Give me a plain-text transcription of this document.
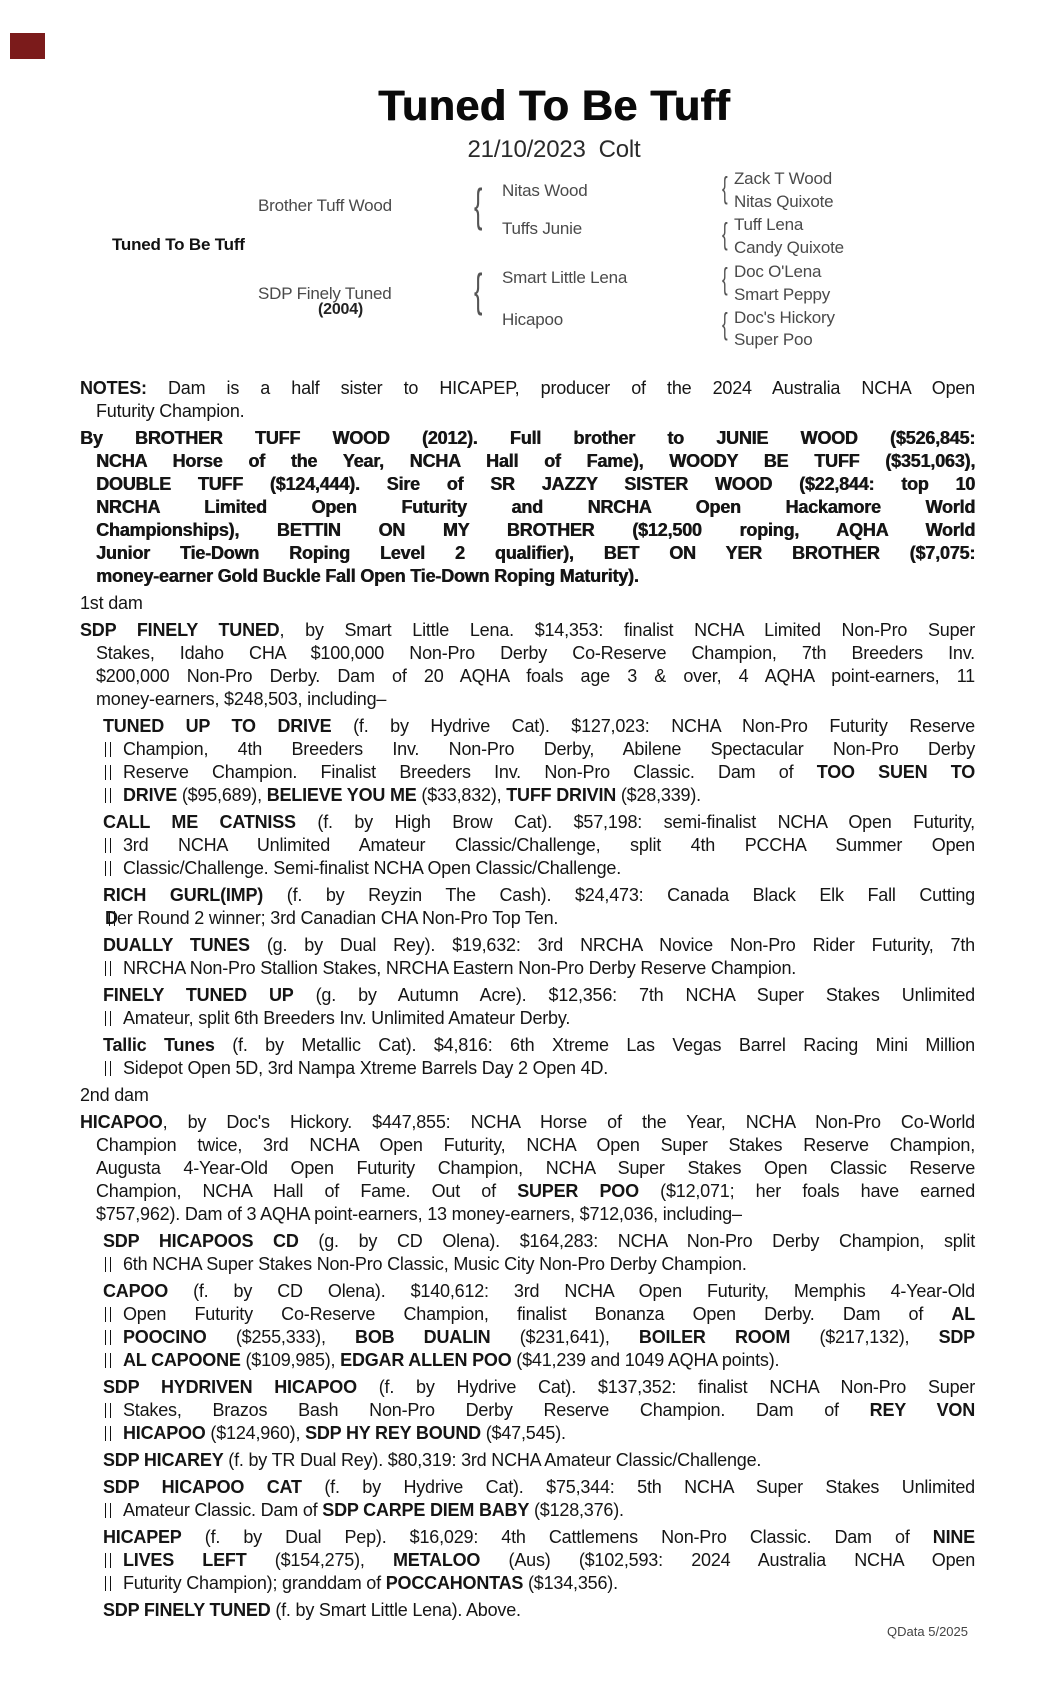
Tuned To Be Tuff
21/10/2023  Colt
Tuned To Be Tuff
Brother Tuff Wood
SDP Finely Tuned
(2004)
{
{
Nitas Wood
Tuffs Junie
Smart Little Lena
Hicapoo
{
{
{
{
Zack T Wood
Nitas Quixote
Tuff Lena
Candy Quixote
Doc O'Lena
Smart Peppy
Doc's Hickory
Super Poo
NOTES: Dam is a half sister to HICAPEP, producer of the 2024 Australia NCHA Open
Futurity Champion.
By BROTHER TUFF WOOD (2012). Full brother to JUNIE WOOD ($526,845:
NCHA Horse of the Year, NCHA Hall of Fame), WOODY BE TUFF ($351,063),
DOUBLE TUFF ($124,444). Sire of SR JAZZY SISTER WOOD ($22,844: top 10
NRCHA Limited Open Futurity and NRCHA Open Hackamore World
Championships), BETTIN ON MY BROTHER ($12,500 roping, AQHA World
Junior Tie-Down Roping Level 2 qualifier), BET ON YER BROTHER ($7,075:
money-earner Gold Buckle Fall Open Tie-Down Roping Maturity).
1st dam
SDP FINELY TUNED, by Smart Little Lena. $14,353: finalist NCHA Limited Non-Pro Super
Stakes, Idaho CHA $100,000 Non-Pro Derby Co-Reserve Champion, 7th Breeders Inv.
$200,000 Non-Pro Derby. Dam of 20 AQHA foals age 3 & over, 4 AQHA point-earners, 11
money-earners, $248,503, including–
TUNED UP TO DRIVE (f. by Hydrive Cat). $127,023: NCHA Non-Pro Futurity Reserve
Champion, 4th Breeders Inv. Non-Pro Derby, Abilene Spectacular Non-Pro Derby
Reserve Champion. Finalist Breeders Inv. Non-Pro Classic. Dam of TOO SUEN TO
DRIVE ($95,689), BELIEVE YOU ME ($33,832), TUFF DRIVIN ($28,339).
CALL ME CATNISS (f. by High Brow Cat). $57,198: semi-finalist NCHA Open Futurity,
3rd NCHA Unlimited Amateur Classic/Challenge, split 4th PCCHA Summer Open
Classic/Challenge. Semi-finalist NCHA Open Classic/Challenge.
RICH GURL(IMP) (f. by Reyzin The Cash). $24,473: Canada Black Elk Fall Cutting
D er Round 2 winner; 3rd Canadian CHA Non-Pro Top Ten.
DUALLY TUNES (g. by Dual Rey). $19,632: 3rd NRCHA Novice Non-Pro Rider Futurity, 7th
NRCHA Non-Pro Stallion Stakes, NRCHA Eastern Non-Pro Derby Reserve Champion.
FINELY TUNED UP (g. by Autumn Acre). $12,356: 7th NCHA Super Stakes Unlimited
Amateur, split 6th Breeders Inv. Unlimited Amateur Derby.
Tallic Tunes (f. by Metallic Cat). $4,816: 6th Xtreme Las Vegas Barrel Racing Mini Million
Sidepot Open 5D, 3rd Nampa Xtreme Barrels Day 2 Open 4D.
2nd dam
HICAPOO, by Doc's Hickory. $447,855: NCHA Horse of the Year, NCHA Non-Pro Co-World
Champion twice, 3rd NCHA Open Futurity, NCHA Open Super Stakes Reserve Champion,
Augusta 4-Year-Old Open Futurity Champion, NCHA Super Stakes Open Classic Reserve
Champion, NCHA Hall of Fame. Out of SUPER POO ($12,071; her foals have earned
$757,962). Dam of 3 AQHA point-earners, 13 money-earners, $712,036, including–
SDP HICAPOOS CD (g. by CD Olena). $164,283: NCHA Non-Pro Derby Champion, split
6th NCHA Super Stakes Non-Pro Classic, Music City Non-Pro Derby Champion.
CAPOO (f. by CD Olena). $140,612: 3rd NCHA Open Futurity, Memphis 4-Year-Old
Open Futurity Co-Reserve Champion, finalist Bonanza Open Derby. Dam of AL
POOCINO ($255,333), BOB DUALIN ($231,641), BOILER ROOM ($217,132), SDP
AL CAPOONE ($109,985), EDGAR ALLEN POO ($41,239 and 1049 AQHA points).
SDP HYDRIVEN HICAPOO (f. by Hydrive Cat). $137,352: finalist NCHA Non-Pro Super
Stakes, Brazos Bash Non-Pro Derby Reserve Champion. Dam of REY VON
HICAPOO ($124,960), SDP HY REY BOUND ($47,545).
SDP HICAREY (f. by TR Dual Rey). $80,319: 3rd NCHA Amateur Classic/Challenge.
SDP HICAPOO CAT (f. by Hydrive Cat). $75,344: 5th NCHA Super Stakes Unlimited
Amateur Classic. Dam of SDP CARPE DIEM BABY ($128,376).
HICAPEP (f. by Dual Pep). $16,029: 4th Cattlemens Non-Pro Classic. Dam of NINE
LIVES LEFT ($154,275), METALOO (Aus) ($102,593: 2024 Australia NCHA Open
Futurity Champion); granddam of POCCAHONTAS ($134,356).
SDP FINELY TUNED (f. by Smart Little Lena). Above.
QData 5/2025
